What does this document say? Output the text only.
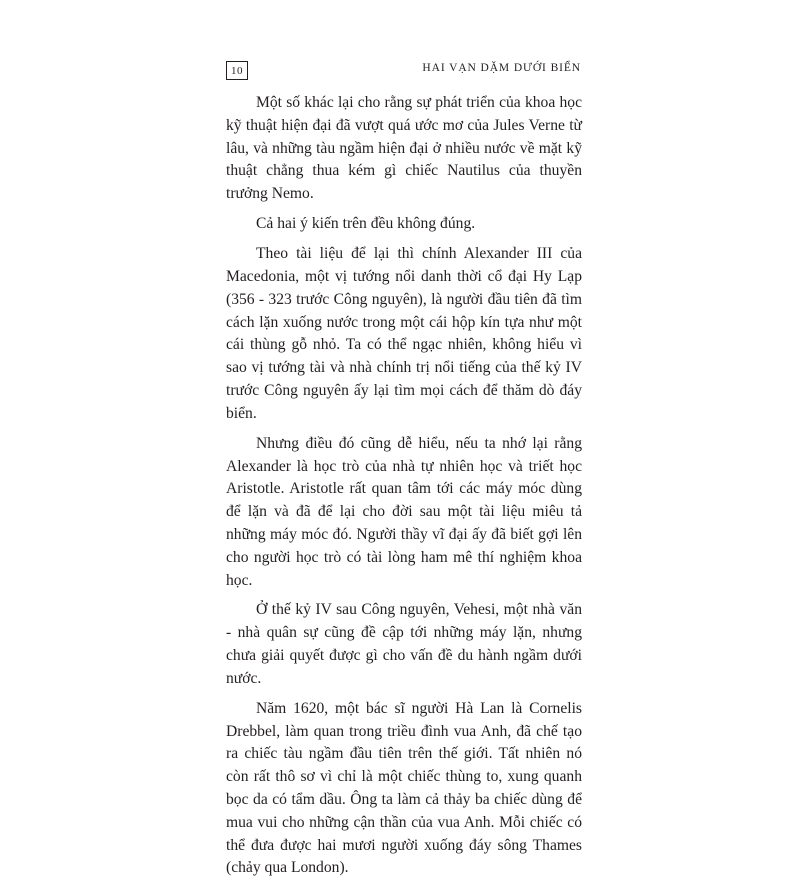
10	HAI VẠN DẶM DƯỚI BIỂN

Một số khác lại cho rằng sự phát triển của khoa học kỹ thuật hiện đại đã vượt quá ước mơ của Jules Verne từ lâu, và những tàu ngầm hiện đại ở nhiều nước về mặt kỹ thuật chẳng thua kém gì chiếc Nautilus của thuyền trưởng Nemo.

Cả hai ý kiến trên đều không đúng.

Theo tài liệu để lại thì chính Alexander III của Macedonia, một vị tướng nổi danh thời cổ đại Hy Lạp (356 - 323 trước Công nguyên), là người đầu tiên đã tìm cách lặn xuống nước trong một cái hộp kín tựa như một cái thùng gỗ nhỏ. Ta có thể ngạc nhiên, không hiểu vì sao vị tướng tài và nhà chính trị nổi tiếng của thế kỷ IV trước Công nguyên ấy lại tìm mọi cách để thăm dò đáy biển.

Nhưng điều đó cũng dễ hiểu, nếu ta nhớ lại rằng Alexander là học trò của nhà tự nhiên học và triết học Aristotle. Aristotle rất quan tâm tới các máy móc dùng để lặn và đã để lại cho đời sau một tài liệu miêu tả những máy móc đó. Người thầy vĩ đại ấy đã biết gợi lên cho người học trò có tài lòng ham mê thí nghiệm khoa học.

Ở thế kỷ IV sau Công nguyên, Vehesi, một nhà văn - nhà quân sự cũng đề cập tới những máy lặn, nhưng chưa giải quyết được gì cho vấn đề du hành ngầm dưới nước.

Năm 1620, một bác sĩ người Hà Lan là Cornelis Drebbel, làm quan trong triều đình vua Anh, đã chế tạo ra chiếc tàu ngầm đầu tiên trên thế giới. Tất nhiên nó còn rất thô sơ vì chỉ là một chiếc thùng to, xung quanh bọc da có tẩm dầu. Ông ta làm cả thảy ba chiếc dùng để mua vui cho những cận thần của vua Anh. Mỗi chiếc có thể đưa được hai mươi người xuống đáy sông Thames (chảy qua London).
